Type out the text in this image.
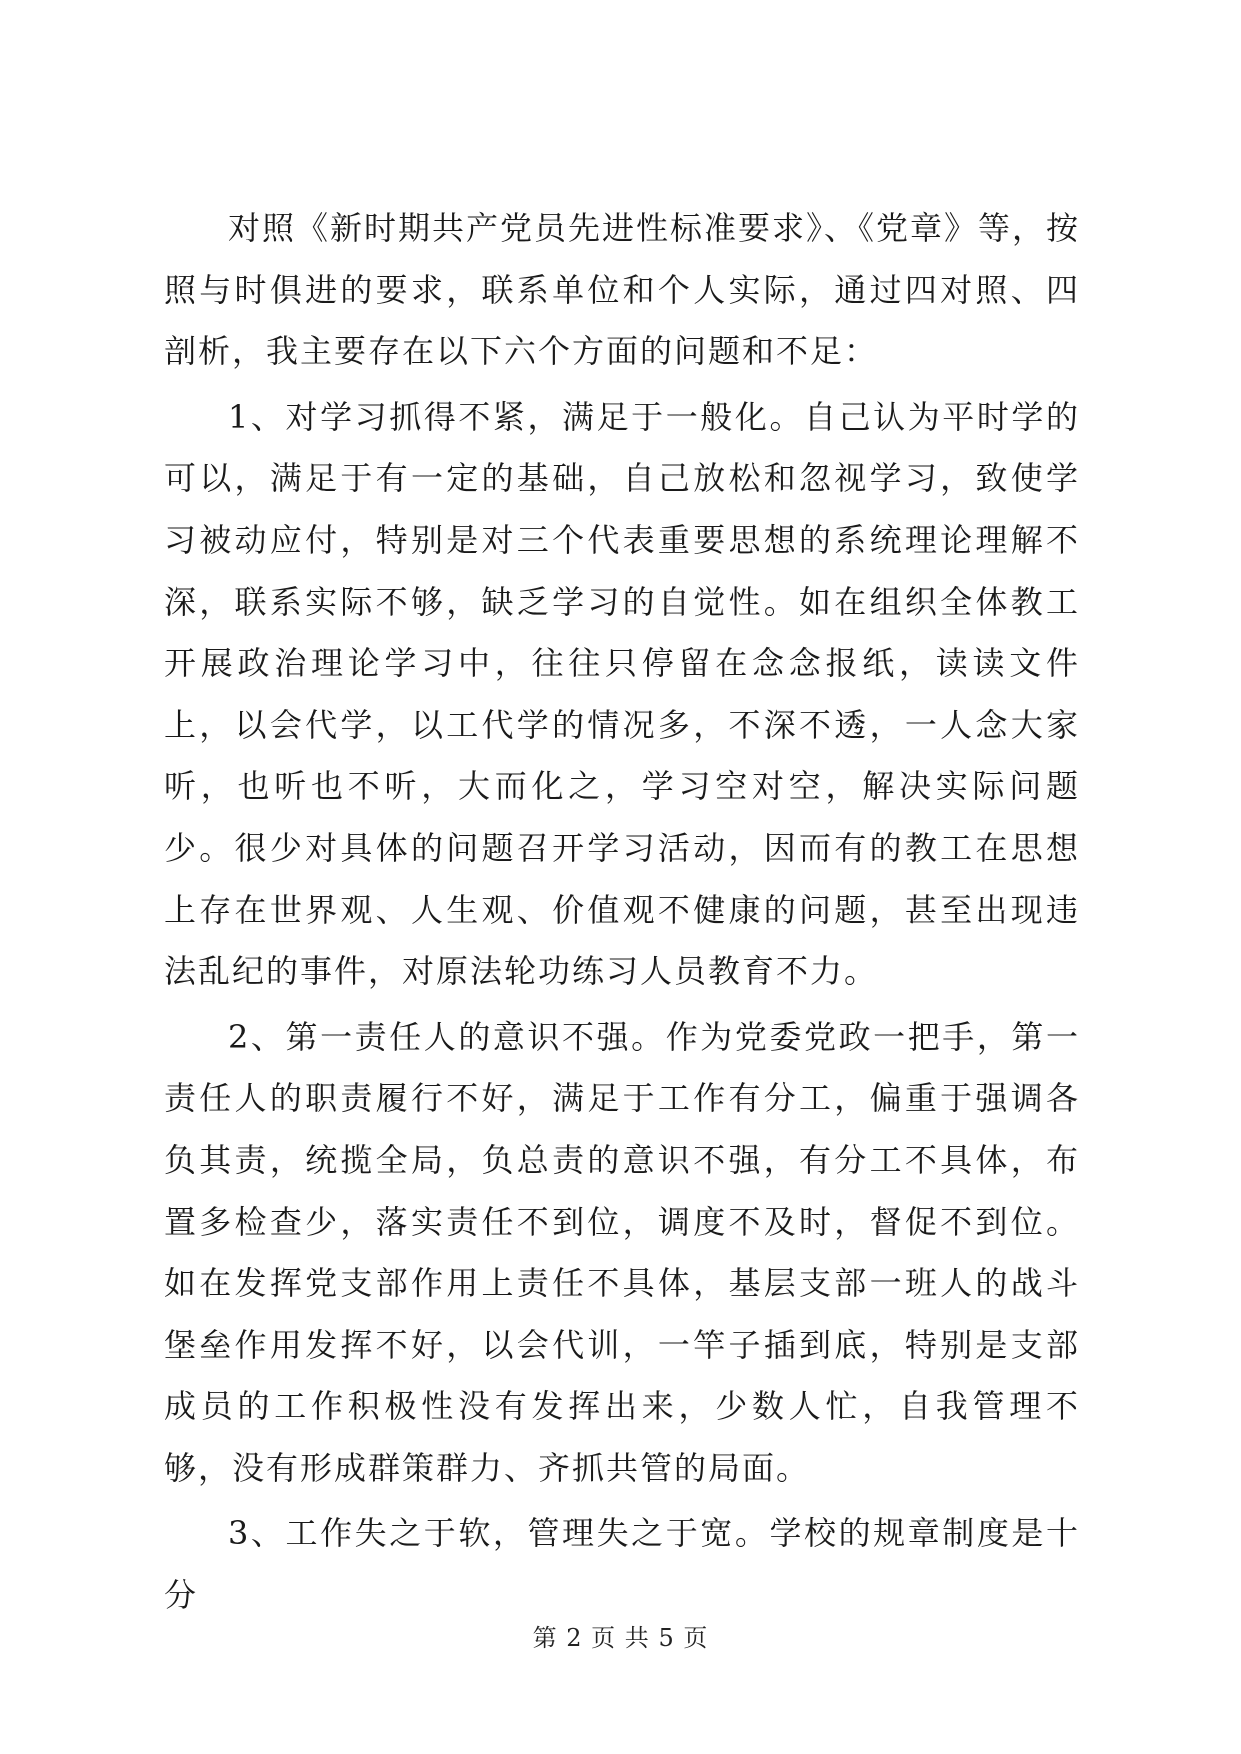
对照《新时期共产党员先进性标准要求》、《党章》等，按照与时俱进的要求，联系单位和个人实际，通过四对照、四剖析，我主要存在以下六个方面的问题和不足：

1、对学习抓得不紧，满足于一般化。自己认为平时学的可以，满足于有一定的基础，自己放松和忽视学习，致使学习被动应付，特别是对三个代表重要思想的系统理论理解不深，联系实际不够，缺乏学习的自觉性。如在组织全体教工开展政治理论学习中，往往只停留在念念报纸，读读文件上，以会代学，以工代学的情况多，不深不透，一人念大家听，也听也不听，大而化之，学习空对空，解决实际问题少。很少对具体的问题召开学习活动，因而有的教工在思想上存在世界观、人生观、价值观不健康的问题，甚至出现违法乱纪的事件，对原法轮功练习人员教育不力。

2、第一责任人的意识不强。作为党委党政一把手，第一责任人的职责履行不好，满足于工作有分工，偏重于强调各负其责，统揽全局，负总责的意识不强，有分工不具体，布置多检查少，落实责任不到位，调度不及时，督促不到位。如在发挥党支部作用上责任不具体，基层支部一班人的战斗堡垒作用发挥不好，以会代训，一竿子插到底，特别是支部成员的工作积极性没有发挥出来，少数人忙，自我管理不够，没有形成群策群力、齐抓共管的局面。

3、工作失之于软，管理失之于宽。学校的规章制度是十分

第 2 页 共 5 页
